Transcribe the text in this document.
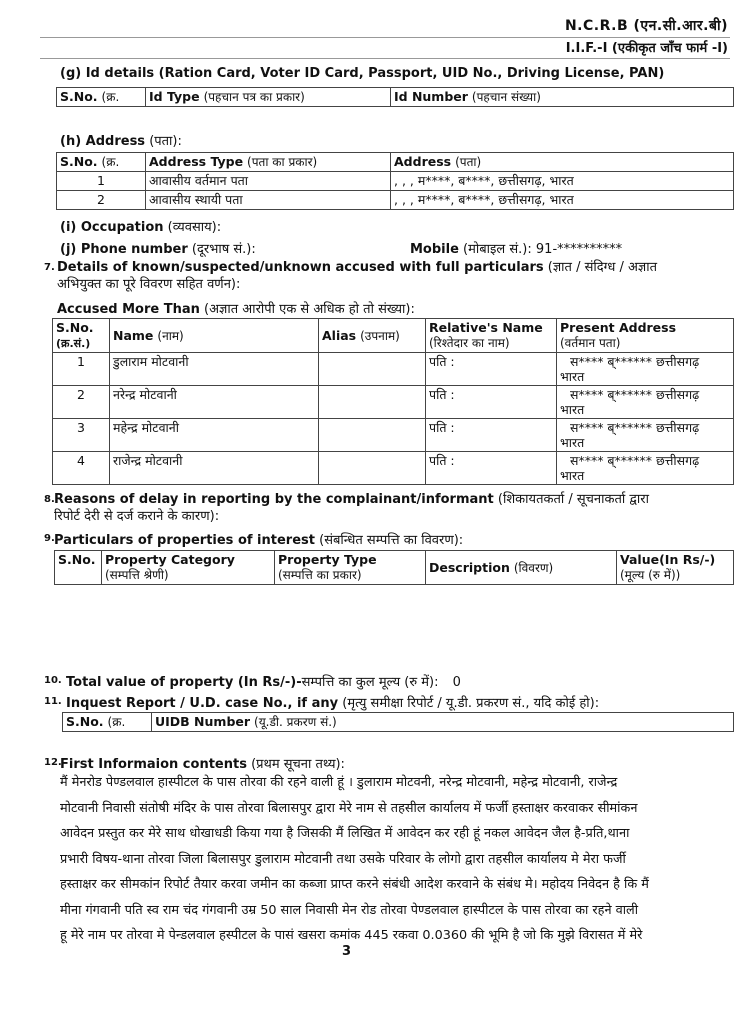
N.C.R.B (एन.सी.आर.बी)
I.I.F.-I (एकीकृत जाँच फार्म -I)
(g) Id details (Ration Card, Voter ID Card, Passport, UID No., Driving License, PAN)
S.No. (क्र.	Id Type (पहचान पत्र का प्रकार)	Id Number (पहचान संख्या)
(h) Address (पता):
S.No. (क्र.	Address Type (पता का प्रकार)	Address (पता)
1	आवासीय वर्तमान पता	, , , म****, ब****, छत्तीसगढ़, भारत
2	आवासीय स्थायी पता	, , , म****, ब****, छत्तीसगढ़, भारत
(i) Occupation (व्यवसाय):
(j) Phone number (दूरभाष सं.):	Mobile (मोबाइल सं.): 91-**********
7. Details of known/suspected/unknown accused with full particulars (ज्ञात / संदिग्ध / अज्ञात
अभियुक्त का पूरे विवरण सहित वर्णन):
Accused More Than (अज्ञात आरोपी एक से अधिक हो तो संख्या):
S.No.
(क्र.सं.)	Name (नाम)	Alias (उपनाम)	Relative's Name
(रिश्तेदार का नाम)	Present Address
(वर्तमान पता)
1	डुलाराम मोटवानी		पति :	स**** ब्****** छत्तीसगढ़
भारत
2	नरेन्द्र मोटवानी		पति :	स**** ब्****** छत्तीसगढ़
भारत
3	महेन्द्र मोटवानी		पति :	स**** ब्****** छत्तीसगढ़
भारत
4	राजेन्द्र मोटवानी		पति :	स**** ब्****** छत्तीसगढ़
भारत
8. Reasons of delay in reporting by the complainant/informant (शिकायतकर्ता / सूचनाकर्ता द्वारा
रिपोर्ट देरी से दर्ज कराने के कारण):
9. Particulars of properties of interest (संबन्धित सम्पत्ति का विवरण):
S.No.	Property Category
(सम्पत्ति श्रेणी)	Property Type
(सम्पत्ति का प्रकार)	Description (विवरण)	Value(In Rs/-)
(मूल्य (रु में))
10. Total value of property (In Rs/-)-सम्पत्ति का कुल मूल्य (रु में): 0
11. Inquest Report / U.D. case No., if any (मृत्यु समीक्षा रिपोर्ट / यू.डी. प्रकरण सं., यदि कोई हो):
S.No. (क्र.	UIDB Number (यू.डी. प्रकरण सं.)
12.
First Informaion contents (प्रथम सूचना तथ्य):
मैं मेनरोड पेण्डलवाल हास्पीटल के पास तोरवा की रहने वाली हूं । डुलाराम मोटवनी, नरेन्द्र मोटवानी, महेन्द्र मोटवानी, राजेन्द्र
मोटवानी निवासी संतोषी मंदिर के पास तोरवा बिलासपुर द्वारा मेरे नाम से तहसील कार्यालय में फर्जी हस्ताक्षर करवाकर सीमांकन
आवेदन प्रस्तुत कर मेरे साथ धोखाधडी किया गया है जिसकी मैं लिखित में आवेदन कर रही हूं नकल आवेदन जैल है-प्रति,थाना
प्रभारी विषय-थाना तोरवा जिला बिलासपुर डुलाराम मोटवानी तथा उसके परिवार के लोगो द्वारा तहसील कार्यालय मे मेरा फर्जी
हस्ताक्षर कर सीमकांन रिपोर्ट तैयार करवा जमीन का कब्जा प्राप्त करने संबंधी आदेश करवाने के संबंध मे। महोदय निवेदन है कि मैं
मीना गंगवानी पति स्व राम चंद गंगवानी उम्र 50 साल निवासी मेन रोड तोरवा पेण्डलवाल हास्पीटल के पास तोरवा का रहने वाली
हू मेरे नाम पर तोरवा मे पेन्डलवाल हस्पीटल के पासं खसरा कमांक 445 रकवा 0.0360 की भूमि है जो कि मुझे विरासत में मेरे
3
